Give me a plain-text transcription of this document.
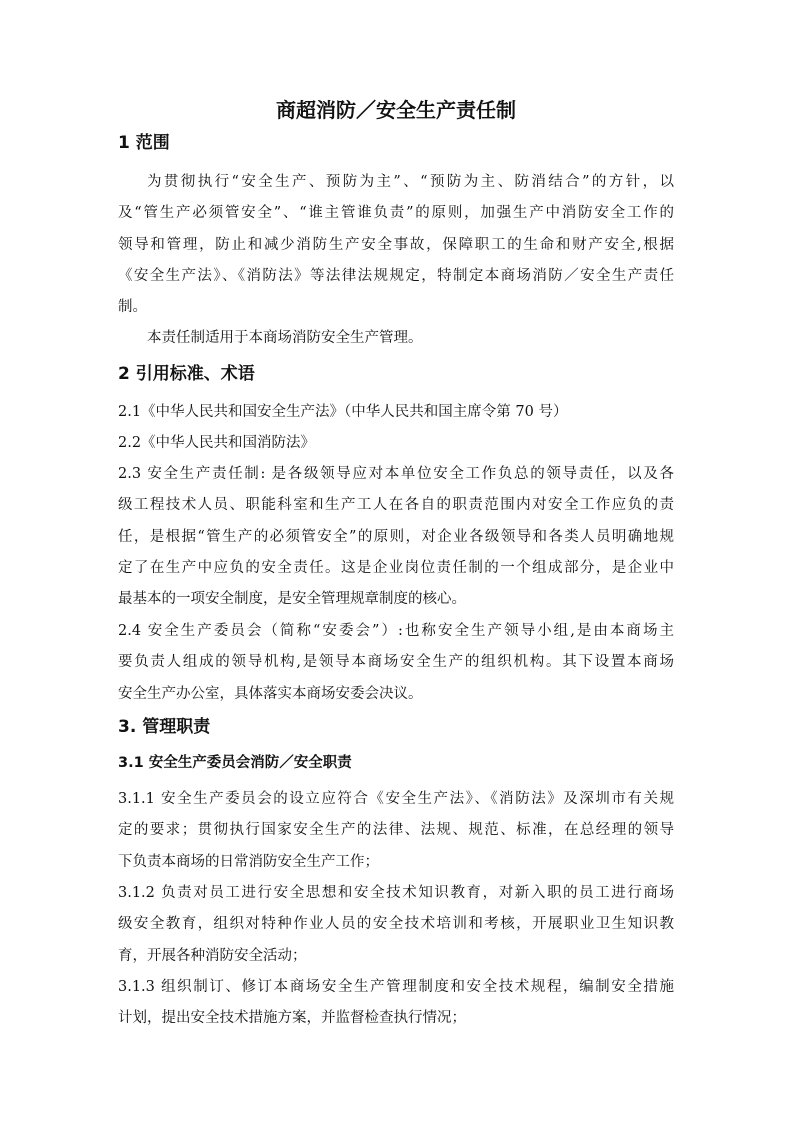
商超消防／安全生产责任制
1 范围
为贯彻执行“安全生产、预防为主”、“预防为主、防消结合”的方针，以
及“管生产必须管安全”、“谁主管谁负责”的原则，加强生产中消防安全工作的
领导和管理，防止和减少消防生产安全事故，保障职工的生命和财产安全,根据
《安全生产法》、《消防法》等法律法规规定，特制定本商场消防／安全生产责任
制。
本责任制适用于本商场消防安全生产管理。
2 引用标准、术语
2.1《中华人民共和国安全生产法》（中华人民共和国主席令第 70 号）
2.2《中华人民共和国消防法》
2.3 安全生产责任制: 是各级领导应对本单位安全工作负总的领导责任，以及各
级工程技术人员、职能科室和生产工人在各自的职责范围内对安全工作应负的责
任，是根据“管生产的必须管安全”的原则，对企业各级领导和各类人员明确地规
定了在生产中应负的安全责任。这是企业岗位责任制的一个组成部分，是企业中
最基本的一项安全制度，是安全管理规章制度的核心。
2.4 安全生产委员会（简称“安委会”）:也称安全生产领导小组,是由本商场主
要负责人组成的领导机构,是领导本商场安全生产的组织机构。其下设置本商场
安全生产办公室，具体落实本商场安委会决议。
3. 管理职责
3.1 安全生产委员会消防／安全职责
3.1.1 安全生产委员会的设立应符合《安全生产法》、《消防法》及深圳市有关规
定的要求；贯彻执行国家安全生产的法律、法规、规范、标准，在总经理的领导
下负责本商场的日常消防安全生产工作；
3.1.2 负责对员工进行安全思想和安全技术知识教育，对新入职的员工进行商场
级安全教育，组织对特种作业人员的安全技术培训和考核，开展职业卫生知识教
育，开展各种消防安全活动；
3.1.3 组织制订、修订本商场安全生产管理制度和安全技术规程，编制安全措施
计划，提出安全技术措施方案，并监督检查执行情况；
